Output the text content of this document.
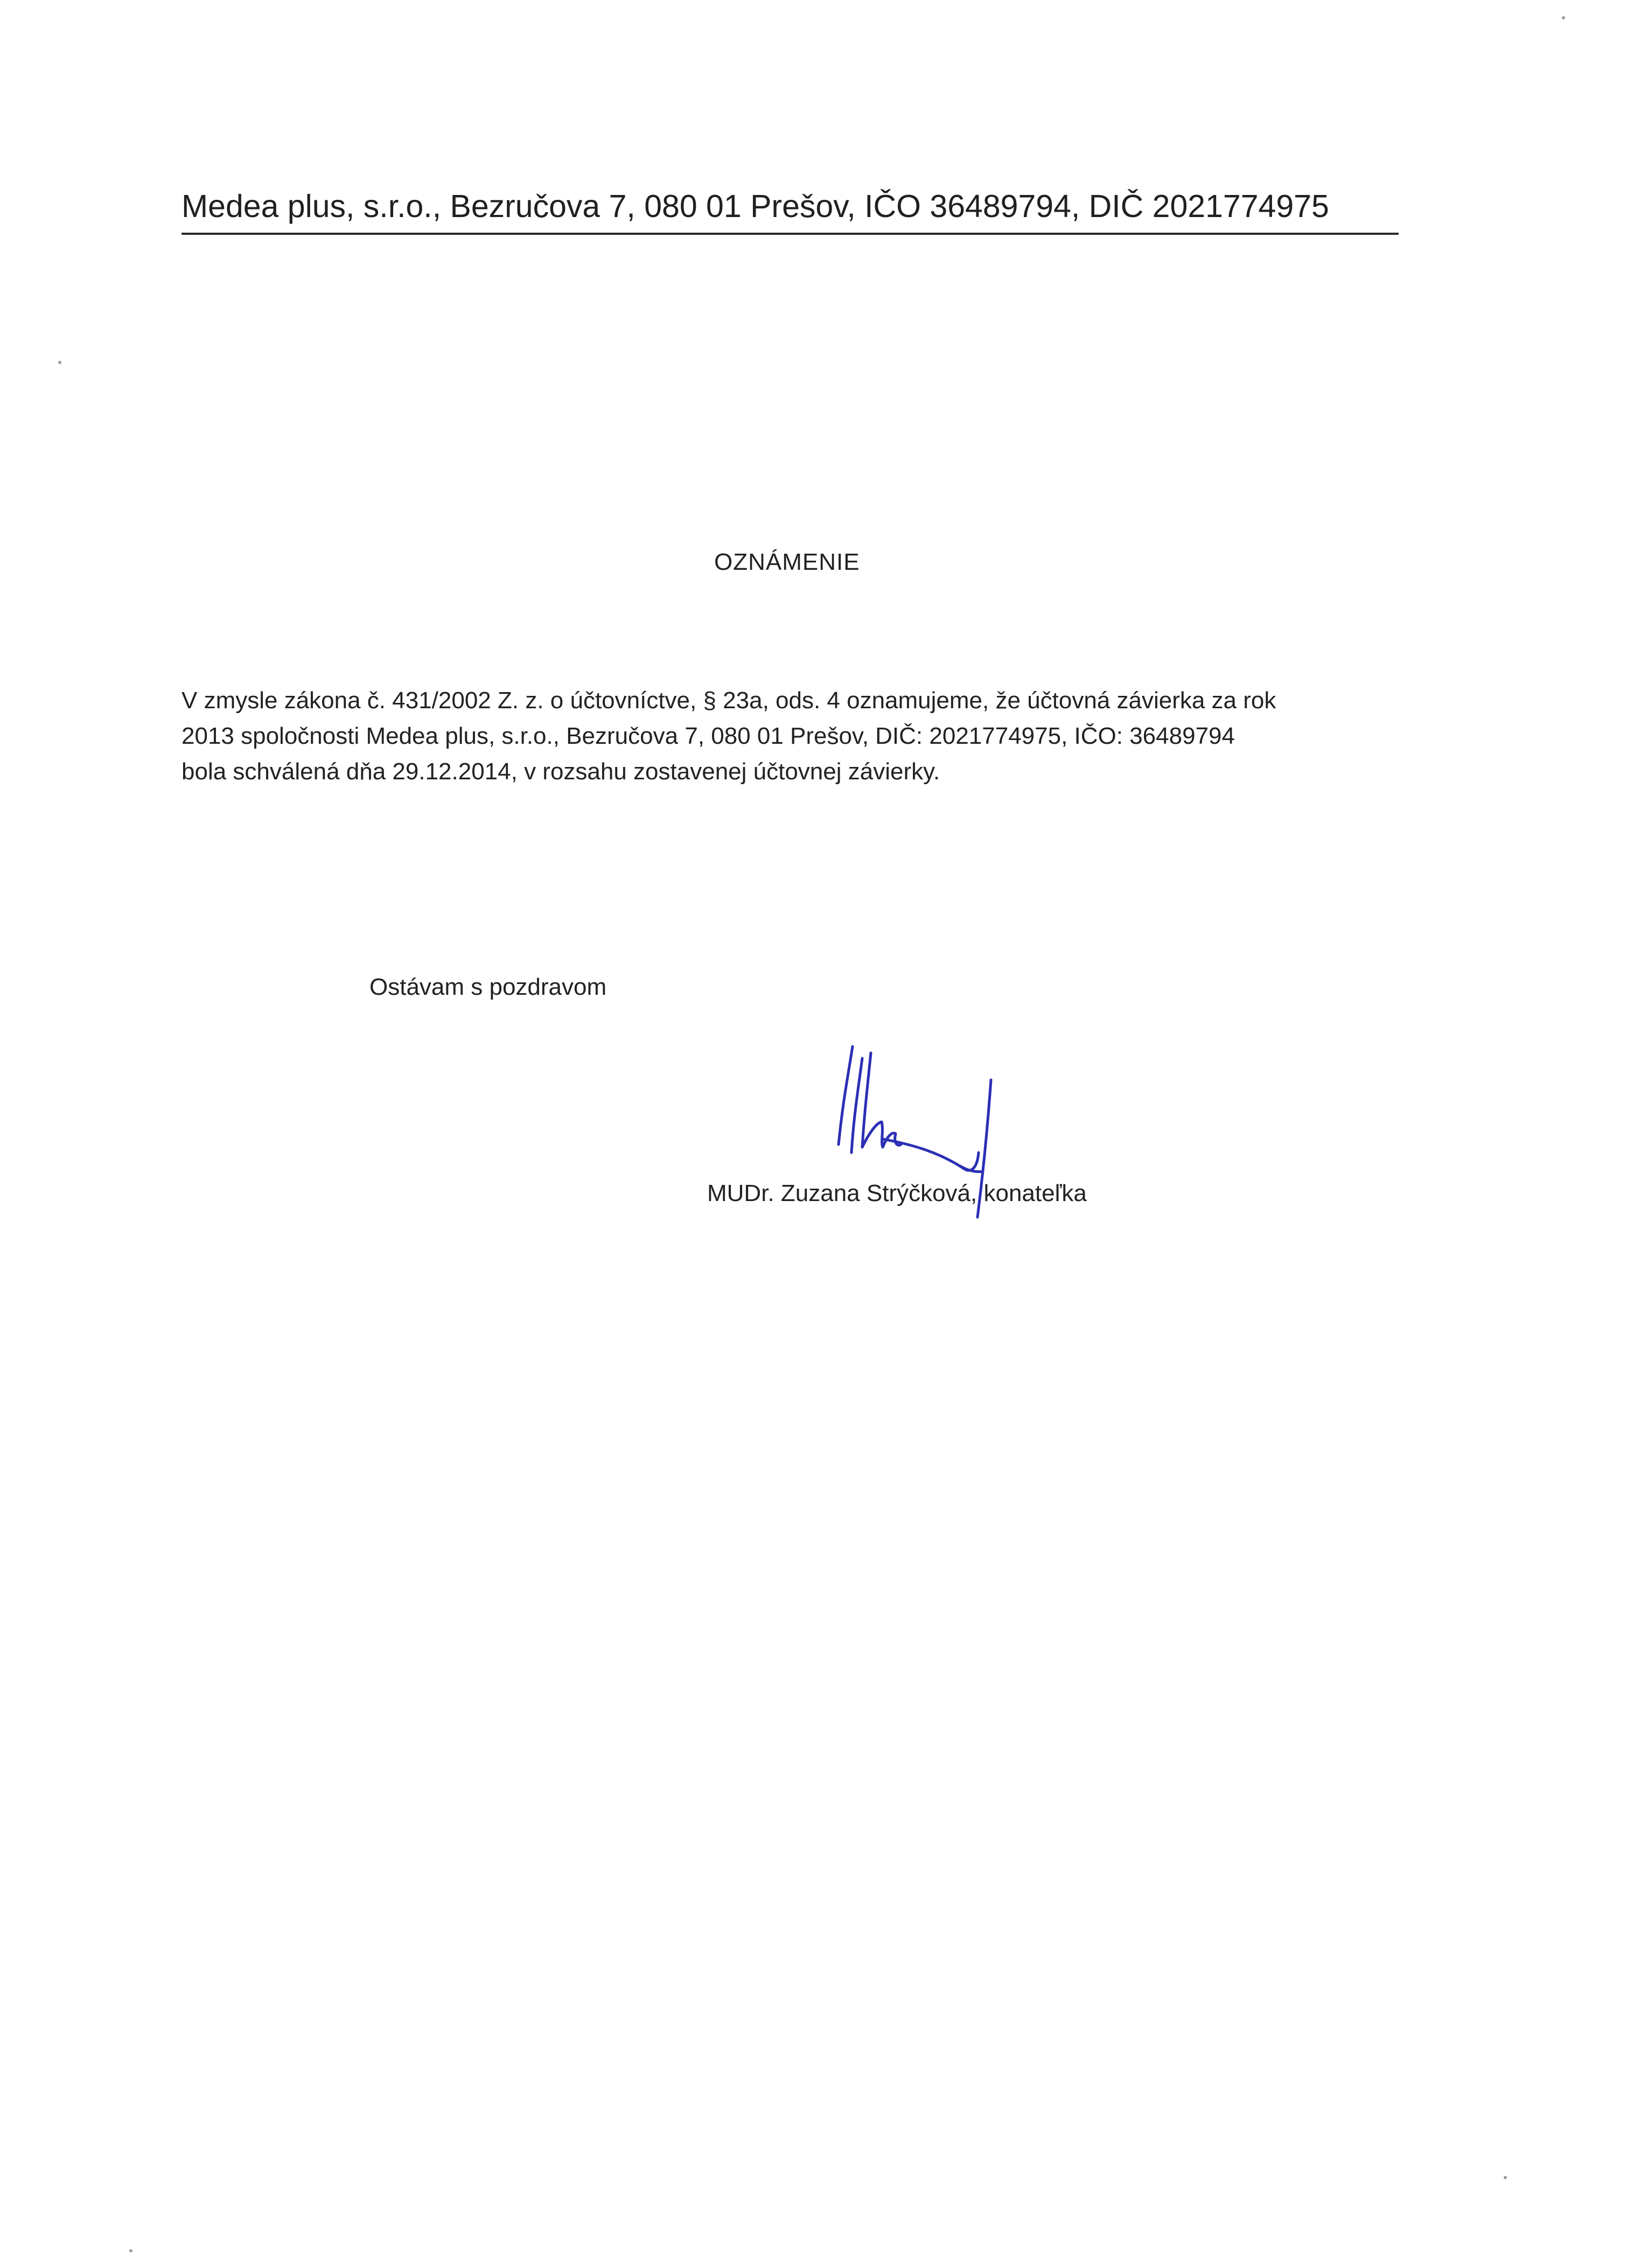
Medea plus, s.r.o., Bezručova 7, 080 01 Prešov, IČO 36489794, DIČ 2021774975
OZNÁMENIE
V zmysle zákona č. 431/2002 Z. z. o účtovníctve, § 23a, ods. 4 oznamujeme, že účtovná závierka za rok
2013 spoločnosti Medea plus, s.r.o., Bezručova 7, 080 01 Prešov, DIČ: 2021774975, IČO: 36489794
bola schválená dňa 29.12.2014, v rozsahu zostavenej účtovnej závierky.
Ostávam s pozdravom
MUDr. Zuzana Strýčková, konateľka
